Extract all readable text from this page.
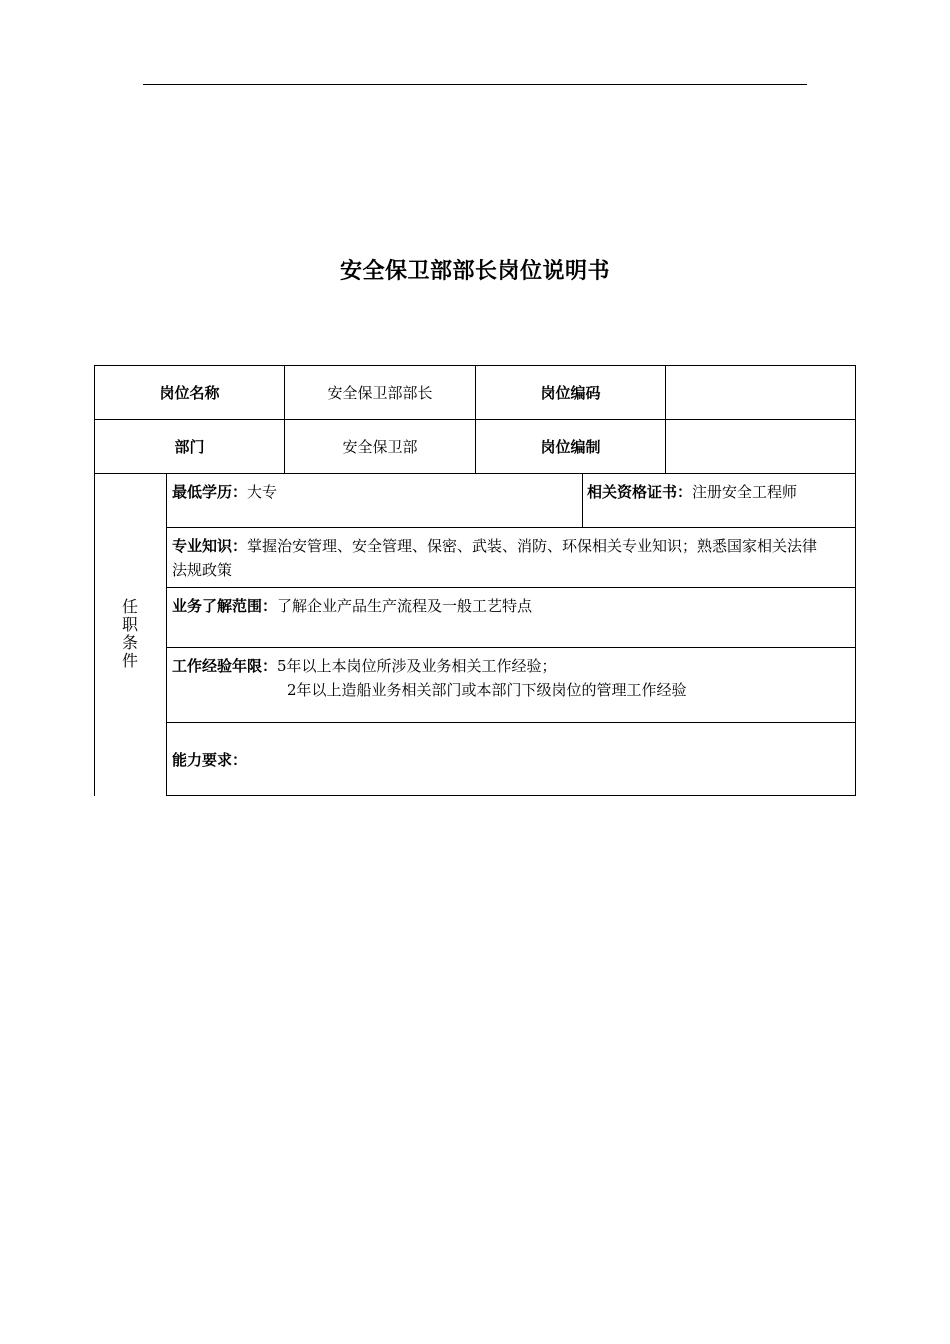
安全保卫部部长岗位说明书
岗位名称	安全保卫部部长	岗位编码
部门	安全保卫部	岗位编制
任
职
条
件
最低学历：大专	相关资格证书：注册安全工程师
专业知识：掌握治安管理、安全管理、保密、武装、消防、环保相关专业知识；熟悉国家相关法律
法规政策
业务了解范围：了解企业产品生产流程及一般工艺特点
工作经验年限：5年以上本岗位所涉及业务相关工作经验；
2年以上造船业务相关部门或本部门下级岗位的管理工作经验
能力要求：
